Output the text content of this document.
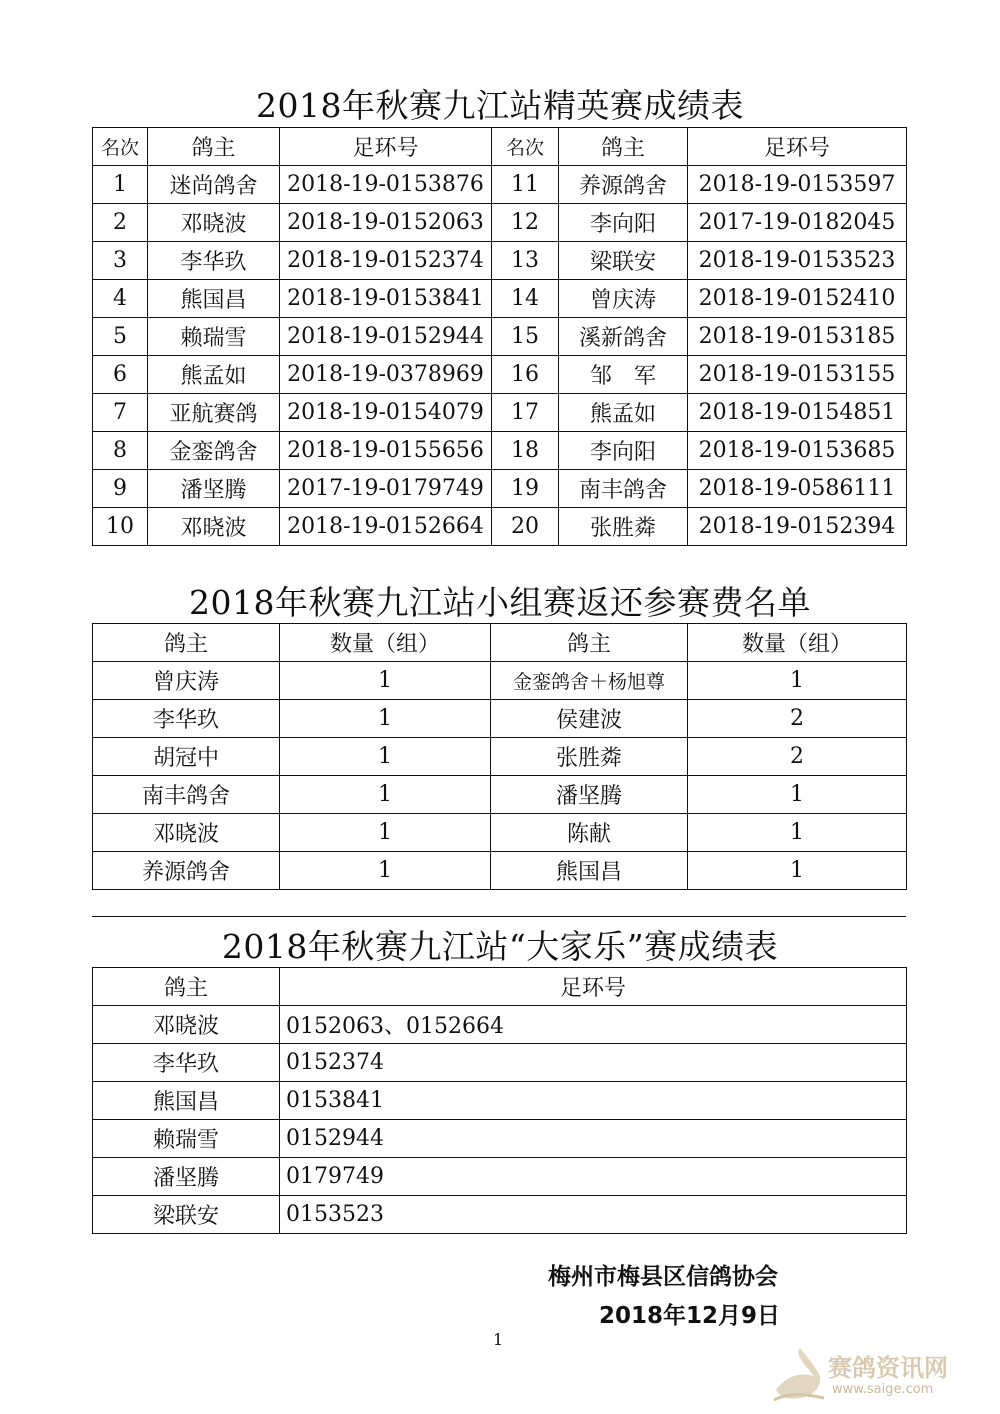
2018年秋赛九江站精英赛成绩表
名次	鸽主	足环号	名次	鸽主	足环号
1	迷尚鸽舍	2018-19-0153876	11	养源鸽舍	2018-19-0153597
2	邓晓波	2018-19-0152063	12	李向阳	2017-19-0182045
3	李华玖	2018-19-0152374	13	梁联安	2018-19-0153523
4	熊国昌	2018-19-0153841	14	曾庆涛	2018-19-0152410
5	赖瑞雪	2018-19-0152944	15	溪新鸽舍	2018-19-0153185
6	熊孟如	2018-19-0378969	16	邹　军	2018-19-0153155
7	亚航赛鸽	2018-19-0154079	17	熊孟如	2018-19-0154851
8	金銮鸽舍	2018-19-0155656	18	李向阳	2018-19-0153685
9	潘坚腾	2017-19-0179749	19	南丰鸽舍	2018-19-0586111
10	邓晓波	2018-19-0152664	20	张胜粦	2018-19-0152394
2018年秋赛九江站小组赛返还参赛费名单
鸽主	数量（组）	鸽主	数量（组）
曾庆涛	1	金銮鸽舍＋杨旭尊	1
李华玖	1	侯建波	2
胡冠中	1	张胜粦	2
南丰鸽舍	1	潘坚腾	1
邓晓波	1	陈献	1
养源鸽舍	1	熊国昌	1
2018年秋赛九江站“大家乐”赛成绩表
鸽主	足环号
邓晓波	0152063、0152664
李华玖	0152374
熊国昌	0153841
赖瑞雪	0152944
潘坚腾	0179749
梁联安	0153523
梅州市梅县区信鸽协会
2018年12月9日
1
赛鸽资讯网
www.saige.com
